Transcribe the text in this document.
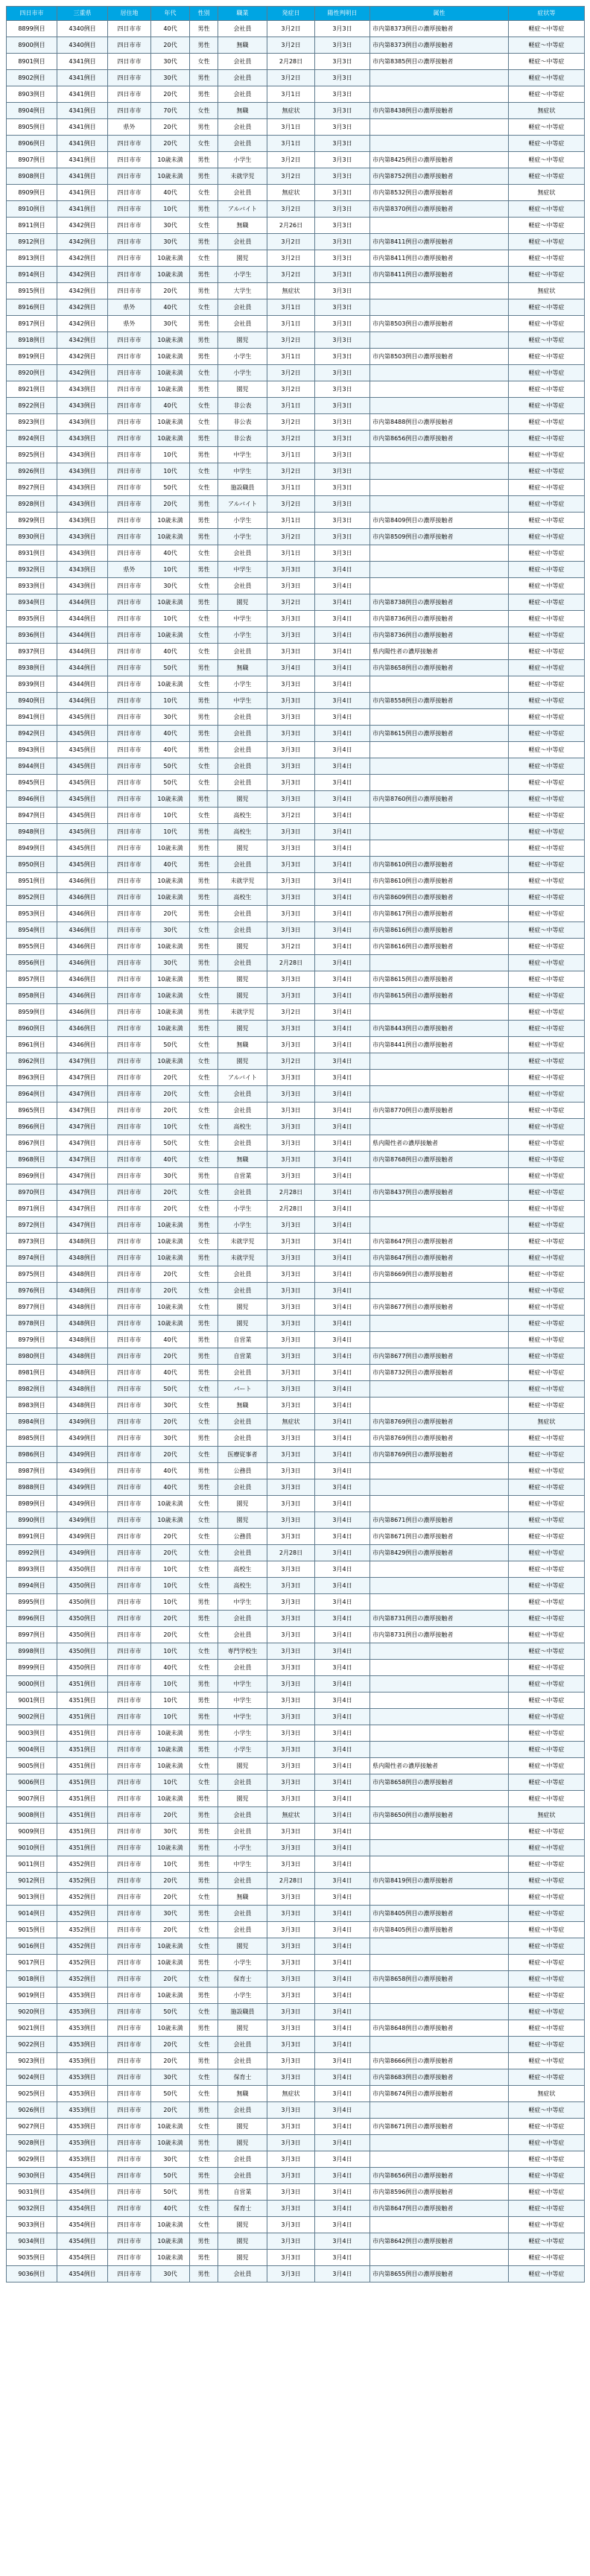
四日市市	三重県	居住地	年代	性別	職業	発症日	陽性判明日	属性	症状等
8899例目	4340例目	四日市市	40代	男性	会社員	3月2日	3月3日	市内第8373例目の濃厚接触者	軽症～中等症
8900例目	4340例目	四日市市	20代	男性	無職	3月2日	3月3日	市内第8373例目の濃厚接触者	軽症～中等症
8901例目	4341例目	四日市市	30代	女性	会社員	2月28日	3月3日	市内第8385例目の濃厚接触者	軽症～中等症
8902例目	4341例目	四日市市	30代	男性	会社員	3月2日	3月3日		軽症～中等症
8903例目	4341例目	四日市市	20代	男性	会社員	3月1日	3月3日		軽症～中等症
8904例目	4341例目	四日市市	70代	女性	無職	無症状	3月3日	市内第8438例目の濃厚接触者	無症状
8905例目	4341例目	県外	20代	男性	会社員	3月1日	3月3日		軽症～中等症
8906例目	4341例目	四日市市	20代	女性	会社員	3月1日	3月3日		軽症～中等症
8907例目	4341例目	四日市市	10歳未満	男性	小学生	3月2日	3月3日	市内第8425例目の濃厚接触者	軽症～中等症
8908例目	4341例目	四日市市	10歳未満	男性	未就学児	3月2日	3月3日	市内第8752例目の濃厚接触者	軽症～中等症
8909例目	4341例目	四日市市	40代	女性	会社員	無症状	3月3日	市内第8532例目の濃厚接触者	無症状
8910例目	4341例目	四日市市	10代	男性	アルバイト	3月2日	3月3日	市内第8370例目の濃厚接触者	軽症～中等症
8911例目	4342例目	四日市市	30代	女性	無職	2月26日	3月3日		軽症～中等症
8912例目	4342例目	四日市市	30代	男性	会社員	3月2日	3月3日	市内第8411例目の濃厚接触者	軽症～中等症
8913例目	4342例目	四日市市	10歳未満	女性	園児	3月2日	3月3日	市内第8411例目の濃厚接触者	軽症～中等症
8914例目	4342例目	四日市市	10歳未満	男性	小学生	3月2日	3月3日	市内第8411例目の濃厚接触者	軽症～中等症
8915例目	4342例目	四日市市	20代	男性	大学生	無症状	3月3日		無症状
8916例目	4342例目	県外	40代	女性	会社員	3月1日	3月3日		軽症～中等症
8917例目	4342例目	県外	30代	男性	会社員	3月1日	3月3日	市内第8503例目の濃厚接触者	軽症～中等症
8918例目	4342例目	四日市市	10歳未満	男性	園児	3月2日	3月3日		軽症～中等症
8919例目	4342例目	四日市市	10歳未満	男性	小学生	3月1日	3月3日	市内第8503例目の濃厚接触者	軽症～中等症
8920例目	4342例目	四日市市	10歳未満	女性	小学生	3月2日	3月3日		軽症～中等症
8921例目	4343例目	四日市市	10歳未満	男性	園児	3月2日	3月3日		軽症～中等症
8922例目	4343例目	四日市市	40代	女性	非公表	3月1日	3月3日		軽症～中等症
8923例目	4343例目	四日市市	10歳未満	女性	非公表	3月2日	3月3日	市内第8488例目の濃厚接触者	軽症～中等症
8924例目	4343例目	四日市市	10歳未満	男性	非公表	3月2日	3月3日	市内第8656例目の濃厚接触者	軽症～中等症
8925例目	4343例目	四日市市	10代	男性	中学生	3月1日	3月3日		軽症～中等症
8926例目	4343例目	四日市市	10代	女性	中学生	3月2日	3月3日		軽症～中等症
8927例目	4343例目	四日市市	50代	女性	施設職員	3月1日	3月3日		軽症～中等症
8928例目	4343例目	四日市市	20代	男性	アルバイト	3月2日	3月3日		軽症～中等症
8929例目	4343例目	四日市市	10歳未満	男性	小学生	3月1日	3月3日	市内第8409例目の濃厚接触者	軽症～中等症
8930例目	4343例目	四日市市	10歳未満	男性	小学生	3月2日	3月3日	市内第8509例目の濃厚接触者	軽症～中等症
8931例目	4343例目	四日市市	40代	女性	会社員	3月1日	3月3日		軽症～中等症
8932例目	4343例目	県外	10代	男性	中学生	3月3日	3月4日		軽症～中等症
8933例目	4343例目	四日市市	30代	女性	会社員	3月3日	3月4日		軽症～中等症
8934例目	4344例目	四日市市	10歳未満	男性	園児	3月2日	3月4日	市内第8738例目の濃厚接触者	軽症～中等症
8935例目	4344例目	四日市市	10代	女性	中学生	3月3日	3月4日	市内第8736例目の濃厚接触者	軽症～中等症
8936例目	4344例目	四日市市	10歳未満	女性	小学生	3月3日	3月4日	市内第8736例目の濃厚接触者	軽症～中等症
8937例目	4344例目	四日市市	40代	女性	会社員	3月3日	3月4日	県内陽性者の濃厚接触者	軽症～中等症
8938例目	4344例目	四日市市	50代	男性	無職	3月4日	3月4日	市内第8658例目の濃厚接触者	軽症～中等症
8939例目	4344例目	四日市市	10歳未満	女性	小学生	3月3日	3月4日		軽症～中等症
8940例目	4344例目	四日市市	10代	男性	中学生	3月3日	3月4日	市内第8558例目の濃厚接触者	軽症～中等症
8941例目	4345例目	四日市市	30代	男性	会社員	3月3日	3月4日		軽症～中等症
8942例目	4345例目	四日市市	40代	男性	会社員	3月3日	3月4日	市内第8615例目の濃厚接触者	軽症～中等症
8943例目	4345例目	四日市市	40代	男性	会社員	3月3日	3月4日		軽症～中等症
8944例目	4345例目	四日市市	50代	女性	会社員	3月3日	3月4日		軽症～中等症
8945例目	4345例目	四日市市	50代	女性	会社員	3月3日	3月4日		軽症～中等症
8946例目	4345例目	四日市市	10歳未満	男性	園児	3月3日	3月4日	市内第8760例目の濃厚接触者	軽症～中等症
8947例目	4345例目	四日市市	10代	女性	高校生	3月2日	3月4日		軽症～中等症
8948例目	4345例目	四日市市	10代	男性	高校生	3月3日	3月4日		軽症～中等症
8949例目	4345例目	四日市市	10歳未満	男性	園児	3月3日	3月4日		軽症～中等症
8950例目	4345例目	四日市市	40代	男性	会社員	3月3日	3月4日	市内第8610例目の濃厚接触者	軽症～中等症
8951例目	4346例目	四日市市	10歳未満	男性	未就学児	3月3日	3月4日	市内第8610例目の濃厚接触者	軽症～中等症
8952例目	4346例目	四日市市	10歳未満	男性	高校生	3月3日	3月4日	市内第8609例目の濃厚接触者	軽症～中等症
8953例目	4346例目	四日市市	20代	男性	会社員	3月3日	3月4日	市内第8617例目の濃厚接触者	軽症～中等症
8954例目	4346例目	四日市市	30代	女性	会社員	3月3日	3月4日	市内第8616例目の濃厚接触者	軽症～中等症
8955例目	4346例目	四日市市	10歳未満	男性	園児	3月2日	3月4日	市内第8616例目の濃厚接触者	軽症～中等症
8956例目	4346例目	四日市市	30代	男性	会社員	2月28日	3月4日		軽症～中等症
8957例目	4346例目	四日市市	10歳未満	男性	園児	3月3日	3月4日	市内第8615例目の濃厚接触者	軽症～中等症
8958例目	4346例目	四日市市	10歳未満	女性	園児	3月3日	3月4日	市内第8615例目の濃厚接触者	軽症～中等症
8959例目	4346例目	四日市市	10歳未満	男性	未就学児	3月2日	3月4日		軽症～中等症
8960例目	4346例目	四日市市	10歳未満	男性	園児	3月3日	3月4日	市内第8443例目の濃厚接触者	軽症～中等症
8961例目	4346例目	四日市市	50代	女性	無職	3月3日	3月4日	市内第8441例目の濃厚接触者	軽症～中等症
8962例目	4347例目	四日市市	10歳未満	女性	園児	3月2日	3月4日		軽症～中等症
8963例目	4347例目	四日市市	20代	女性	アルバイト	3月3日	3月4日		軽症～中等症
8964例目	4347例目	四日市市	20代	女性	会社員	3月3日	3月4日		軽症～中等症
8965例目	4347例目	四日市市	20代	女性	会社員	3月3日	3月4日	市内第8770例目の濃厚接触者	軽症～中等症
8966例目	4347例目	四日市市	10代	女性	高校生	3月3日	3月4日		軽症～中等症
8967例目	4347例目	四日市市	50代	女性	会社員	3月3日	3月4日	県内陽性者の濃厚接触者	軽症～中等症
8968例目	4347例目	四日市市	40代	女性	無職	3月3日	3月4日	市内第8768例目の濃厚接触者	軽症～中等症
8969例目	4347例目	四日市市	30代	男性	自営業	3月3日	3月4日		軽症～中等症
8970例目	4347例目	四日市市	20代	女性	会社員	2月28日	3月4日	市内第8437例目の濃厚接触者	軽症～中等症
8971例目	4347例目	四日市市	20代	女性	小学生	2月28日	3月4日		軽症～中等症
8972例目	4347例目	四日市市	10歳未満	男性	小学生	3月3日	3月4日		軽症～中等症
8973例目	4348例目	四日市市	10歳未満	女性	未就学児	3月3日	3月4日	市内第8647例目の濃厚接触者	軽症～中等症
8974例目	4348例目	四日市市	10歳未満	男性	未就学児	3月3日	3月4日	市内第8647例目の濃厚接触者	軽症～中等症
8975例目	4348例目	四日市市	20代	女性	会社員	3月3日	3月4日	市内第8669例目の濃厚接触者	軽症～中等症
8976例目	4348例目	四日市市	20代	女性	会社員	3月3日	3月4日		軽症～中等症
8977例目	4348例目	四日市市	10歳未満	女性	園児	3月3日	3月4日	市内第8677例目の濃厚接触者	軽症～中等症
8978例目	4348例目	四日市市	10歳未満	男性	園児	3月3日	3月4日		軽症～中等症
8979例目	4348例目	四日市市	40代	男性	自営業	3月3日	3月4日		軽症～中等症
8980例目	4348例目	四日市市	20代	男性	自営業	3月3日	3月4日	市内第8677例目の濃厚接触者	軽症～中等症
8981例目	4348例目	四日市市	40代	男性	会社員	3月3日	3月4日	市内第8732例目の濃厚接触者	軽症～中等症
8982例目	4348例目	四日市市	50代	女性	パート	3月3日	3月4日		軽症～中等症
8983例目	4348例目	四日市市	30代	女性	無職	3月3日	3月4日		軽症～中等症
8984例目	4349例目	四日市市	20代	女性	会社員	無症状	3月4日	市内第8769例目の濃厚接触者	無症状
8985例目	4349例目	四日市市	30代	男性	会社員	3月3日	3月4日	市内第8769例目の濃厚接触者	軽症～中等症
8986例目	4349例目	四日市市	20代	女性	医療従事者	3月3日	3月4日	市内第8769例目の濃厚接触者	軽症～中等症
8987例目	4349例目	四日市市	40代	男性	公務員	3月3日	3月4日		軽症～中等症
8988例目	4349例目	四日市市	40代	男性	会社員	3月3日	3月4日		軽症～中等症
8989例目	4349例目	四日市市	10歳未満	女性	園児	3月3日	3月4日		軽症～中等症
8990例目	4349例目	四日市市	10歳未満	女性	園児	3月3日	3月4日	市内第8671例目の濃厚接触者	軽症～中等症
8991例目	4349例目	四日市市	20代	女性	公務員	3月3日	3月4日	市内第8671例目の濃厚接触者	軽症～中等症
8992例目	4349例目	四日市市	20代	女性	会社員	2月28日	3月4日	市内第8429例目の濃厚接触者	軽症～中等症
8993例目	4350例目	四日市市	10代	女性	高校生	3月3日	3月4日		軽症～中等症
8994例目	4350例目	四日市市	10代	女性	高校生	3月3日	3月4日		軽症～中等症
8995例目	4350例目	四日市市	10代	男性	中学生	3月3日	3月4日		軽症～中等症
8996例目	4350例目	四日市市	20代	男性	会社員	3月3日	3月4日	市内第8731例目の濃厚接触者	軽症～中等症
8997例目	4350例目	四日市市	20代	女性	会社員	3月3日	3月4日	市内第8731例目の濃厚接触者	軽症～中等症
8998例目	4350例目	四日市市	10代	女性	専門学校生	3月3日	3月4日		軽症～中等症
8999例目	4350例目	四日市市	40代	女性	会社員	3月3日	3月4日		軽症～中等症
9000例目	4351例目	四日市市	10代	男性	中学生	3月3日	3月4日		軽症～中等症
9001例目	4351例目	四日市市	10代	男性	中学生	3月3日	3月4日		軽症～中等症
9002例目	4351例目	四日市市	10代	男性	中学生	3月3日	3月4日		軽症～中等症
9003例目	4351例目	四日市市	10歳未満	男性	小学生	3月3日	3月4日		軽症～中等症
9004例目	4351例目	四日市市	10歳未満	男性	小学生	3月3日	3月4日		軽症～中等症
9005例目	4351例目	四日市市	10歳未満	女性	園児	3月3日	3月4日	県内陽性者の濃厚接触者	軽症～中等症
9006例目	4351例目	四日市市	10代	女性	会社員	3月3日	3月4日	市内第8658例目の濃厚接触者	軽症～中等症
9007例目	4351例目	四日市市	10歳未満	男性	園児	3月3日	3月4日		軽症～中等症
9008例目	4351例目	四日市市	20代	男性	会社員	無症状	3月4日	市内第8650例目の濃厚接触者	無症状
9009例目	4351例目	四日市市	30代	男性	会社員	3月3日	3月4日		軽症～中等症
9010例目	4351例目	四日市市	10歳未満	男性	小学生	3月3日	3月4日		軽症～中等症
9011例目	4352例目	四日市市	10代	男性	中学生	3月3日	3月4日		軽症～中等症
9012例目	4352例目	四日市市	20代	男性	会社員	2月28日	3月4日	市内第8419例目の濃厚接触者	軽症～中等症
9013例目	4352例目	四日市市	20代	女性	無職	3月3日	3月4日		軽症～中等症
9014例目	4352例目	四日市市	30代	男性	会社員	3月3日	3月4日	市内第8405例目の濃厚接触者	軽症～中等症
9015例目	4352例目	四日市市	20代	女性	会社員	3月3日	3月4日	市内第8405例目の濃厚接触者	軽症～中等症
9016例目	4352例目	四日市市	10歳未満	女性	園児	3月3日	3月4日		軽症～中等症
9017例目	4352例目	四日市市	10歳未満	男性	小学生	3月3日	3月4日		軽症～中等症
9018例目	4352例目	四日市市	20代	女性	保育士	3月3日	3月4日	市内第8658例目の濃厚接触者	軽症～中等症
9019例目	4353例目	四日市市	10歳未満	男性	小学生	3月3日	3月4日		軽症～中等症
9020例目	4353例目	四日市市	50代	女性	施設職員	3月3日	3月4日		軽症～中等症
9021例目	4353例目	四日市市	10歳未満	男性	園児	3月3日	3月4日	市内第8648例目の濃厚接触者	軽症～中等症
9022例目	4353例目	四日市市	20代	女性	会社員	3月3日	3月4日		軽症～中等症
9023例目	4353例目	四日市市	20代	男性	会社員	3月3日	3月4日	市内第8666例目の濃厚接触者	軽症～中等症
9024例目	4353例目	四日市市	30代	女性	保育士	3月3日	3月4日	市内第8683例目の濃厚接触者	軽症～中等症
9025例目	4353例目	四日市市	50代	女性	無職	無症状	3月4日	市内第8674例目の濃厚接触者	無症状
9026例目	4353例目	四日市市	20代	男性	会社員	3月3日	3月4日		軽症～中等症
9027例目	4353例目	四日市市	10歳未満	女性	園児	3月3日	3月4日	市内第8671例目の濃厚接触者	軽症～中等症
9028例目	4353例目	四日市市	10歳未満	男性	園児	3月3日	3月4日		軽症～中等症
9029例目	4353例目	四日市市	30代	女性	会社員	3月3日	3月4日		軽症～中等症
9030例目	4354例目	四日市市	50代	男性	会社員	3月3日	3月4日	市内第8656例目の濃厚接触者	軽症～中等症
9031例目	4354例目	四日市市	50代	男性	自営業	3月3日	3月4日	市内第8596例目の濃厚接触者	軽症～中等症
9032例目	4354例目	四日市市	40代	女性	保育士	3月3日	3月4日	市内第8647例目の濃厚接触者	軽症～中等症
9033例目	4354例目	四日市市	10歳未満	女性	園児	3月3日	3月4日		軽症～中等症
9034例目	4354例目	四日市市	10歳未満	男性	園児	3月3日	3月4日	市内第8642例目の濃厚接触者	軽症～中等症
9035例目	4354例目	四日市市	10歳未満	男性	園児	3月3日	3月4日		軽症～中等症
9036例目	4354例目	四日市市	30代	男性	会社員	3月3日	3月4日	市内第8655例目の濃厚接触者	軽症～中等症
